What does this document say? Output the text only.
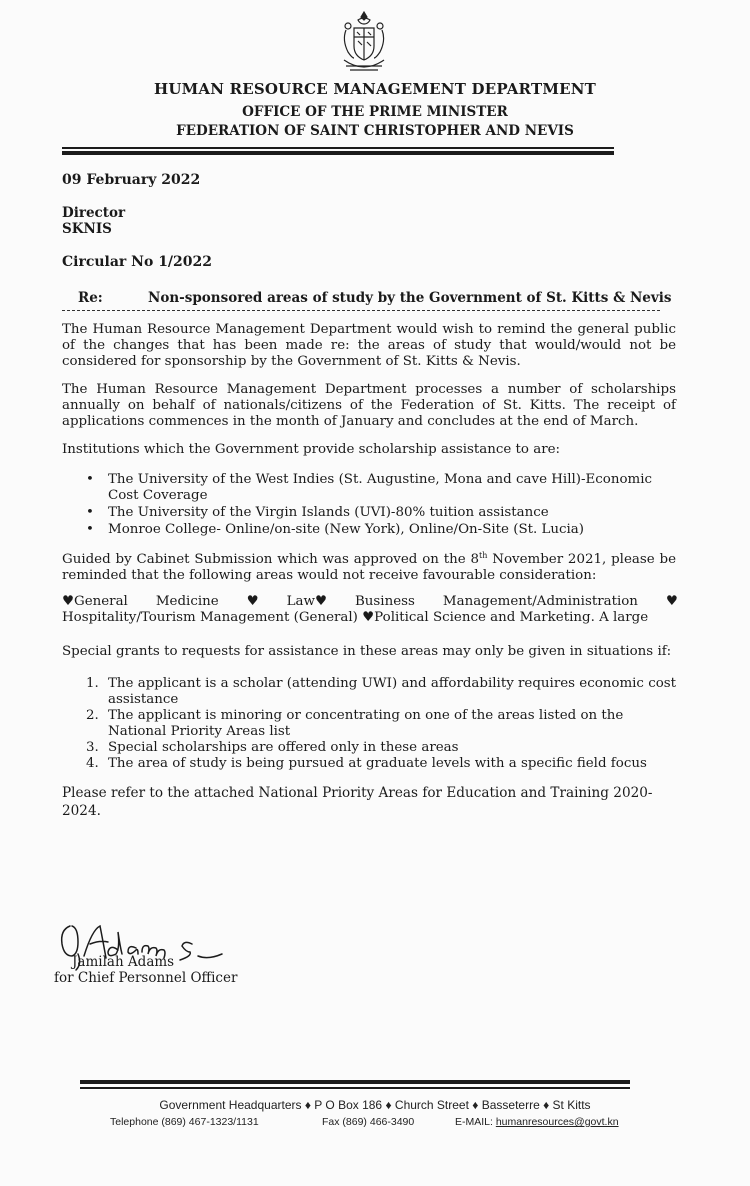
HUMAN RESOURCE MANAGEMENT DEPARTMENT
OFFICE OF THE PRIME MINISTER
FEDERATION OF SAINT CHRISTOPHER AND NEVIS
09 February 2022
Director
SKNIS
Circular No 1/2022
Re:	Non-sponsored areas of study by the Government of St. Kitts & Nevis
The Human Resource Management Department would wish to remind the general public of the changes that has been made re: the areas of study that would/would not be considered for sponsorship by the Government of St. Kitts & Nevis.
The Human Resource Management Department processes a number of scholarships annually on behalf of nationals/citizens of the Federation of St. Kitts. The receipt of applications commences in the month of January and concludes at the end of March.
Institutions which the Government provide scholarship assistance to are:
• The University of the West Indies (St. Augustine, Mona and cave Hill)-Economic Cost Coverage
• The University of the Virgin Islands (UVI)-80% tuition assistance
• Monroe College- Online/on-site (New York), Online/On-Site (St. Lucia)
Guided by Cabinet Submission which was approved on the 8th November 2021, please be reminded that the following areas would not receive favourable consideration:
♥General Medicine ♥ Law♥ Business Management/Administration ♥
Hospitality/Tourism Management (General) ♥Political Science and Marketing. A large
Special grants to requests for assistance in these areas may only be given in situations if:
1. The applicant is a scholar (attending UWI) and affordability requires economic cost assistance
2. The applicant is minoring or concentrating on one of the areas listed on the National Priority Areas list
3. Special scholarships are offered only in these areas
4. The area of study is being pursued at graduate levels with a specific field focus
Please refer to the attached National Priority Areas for Education and Training 2020-2024.
Jamilah Adams
for Chief Personnel Officer
Government Headquarters ♦ P O Box 186 ♦ Church Street ♦ Basseterre ♦ St Kitts
Telephone (869) 467-1323/1131	Fax (869) 466-3490	E-MAIL: humanresources@govt.kn
